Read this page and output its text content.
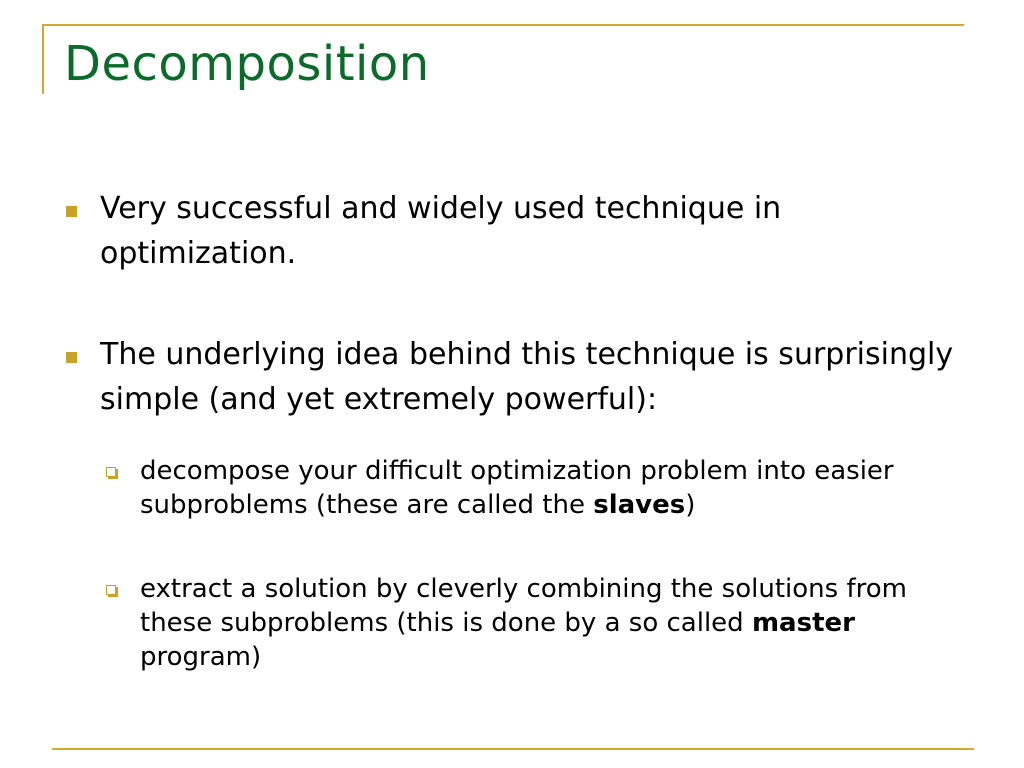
Decomposition
Very successful and widely used technique in optimization.
The underlying idea behind this technique is surprisingly simple (and yet extremely powerful):
decompose your difficult optimization problem into easier subproblems (these are called the slaves)
extract a solution by cleverly combining the solutions from these subproblems (this is done by a so called master program)
